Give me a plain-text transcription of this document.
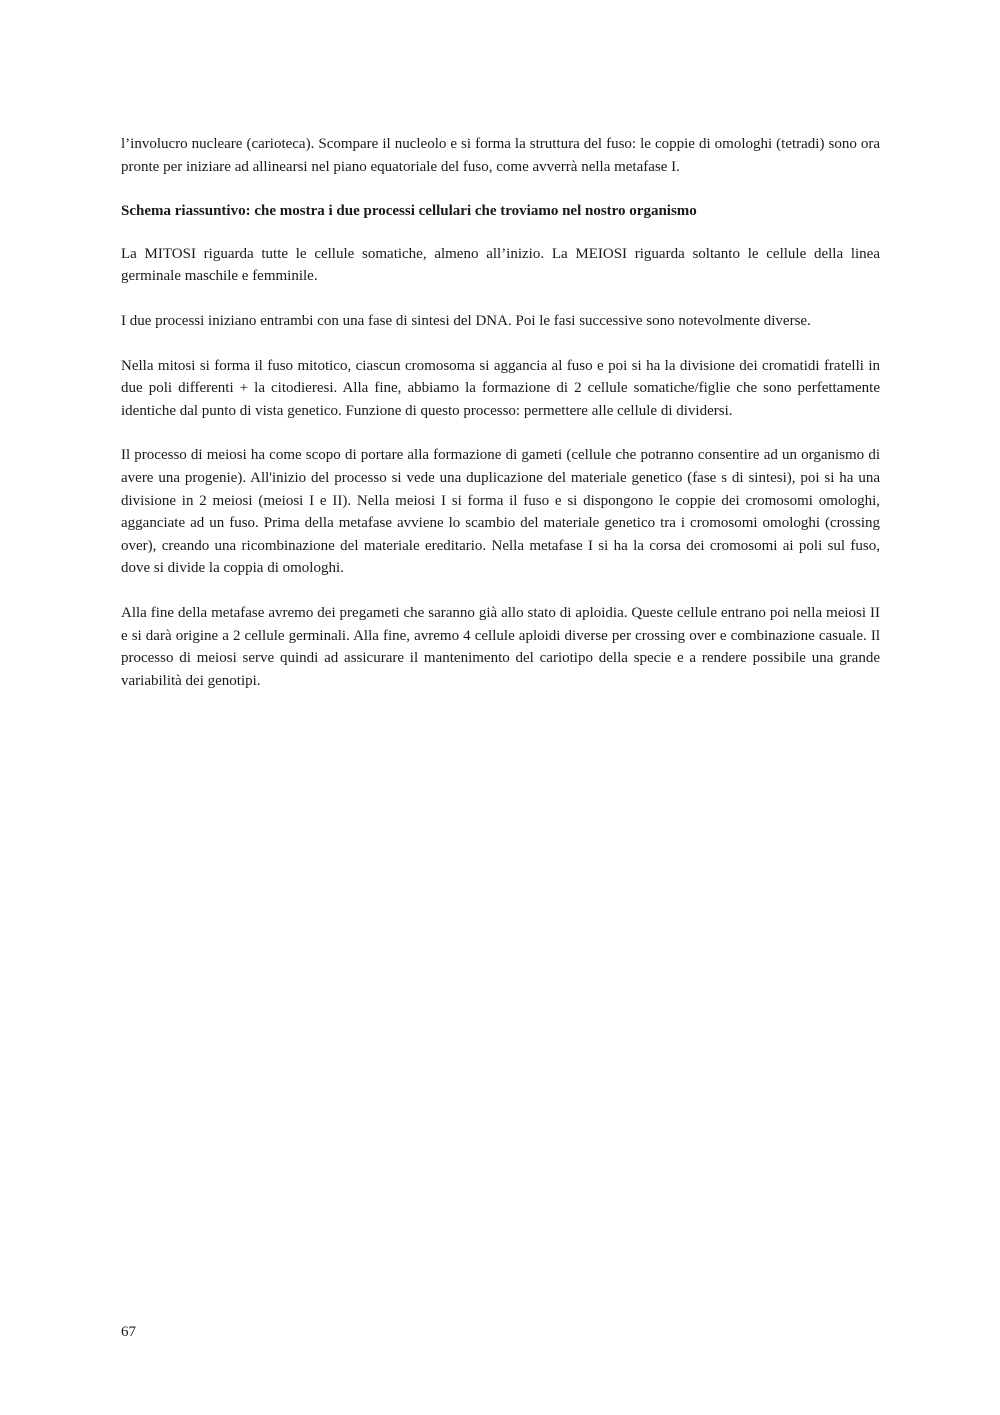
l’involucro nucleare (carioteca). Scompare il nucleolo e si forma la struttura del fuso: le coppie di omologhi (tetradi) sono ora pronte per iniziare ad allinearsi nel piano equatoriale del fuso, come avverrà nella metafase I.

Schema riassuntivo: che mostra i due processi cellulari che troviamo nel nostro organismo

La MITOSI riguarda tutte le cellule somatiche, almeno all’inizio. La MEIOSI riguarda soltanto le cellule della linea germinale maschile e femminile.

I due processi iniziano entrambi con una fase di sintesi del DNA. Poi le fasi successive sono notevolmente diverse.

Nella mitosi si forma il fuso mitotico, ciascun cromosoma si aggancia al fuso e poi si ha la divisione dei cromatidi fratelli in due poli differenti + la citodieresi. Alla fine, abbiamo la formazione di 2 cellule somatiche/figlie che sono perfettamente identiche dal punto di vista genetico. Funzione di questo processo: permettere alle cellule di dividersi.

Il processo di meiosi ha come scopo di portare alla formazione di gameti (cellule che potranno consentire ad un organismo di avere una progenie). All'inizio del processo si vede una duplicazione del materiale genetico (fase s di sintesi), poi si ha una divisione in 2 meiosi (meiosi I e II). Nella meiosi I si forma il fuso e si dispongono le coppie dei cromosomi omologhi, agganciate ad un fuso. Prima della metafase avviene lo scambio del materiale genetico tra i cromosomi omologhi (crossing over), creando una ricombinazione del materiale ereditario. Nella metafase I si ha la corsa dei cromosomi ai poli sul fuso, dove si divide la coppia di omologhi.

Alla fine della metafase avremo dei pregameti che saranno già allo stato di aploidia. Queste cellule entrano poi nella meiosi II e si darà origine a 2 cellule germinali. Alla fine, avremo 4 cellule aploidi diverse per crossing over e combinazione casuale. Il processo di meiosi serve quindi ad assicurare il mantenimento del cariotipo della specie e a rendere possibile una grande variabilità dei genotipi.

67
